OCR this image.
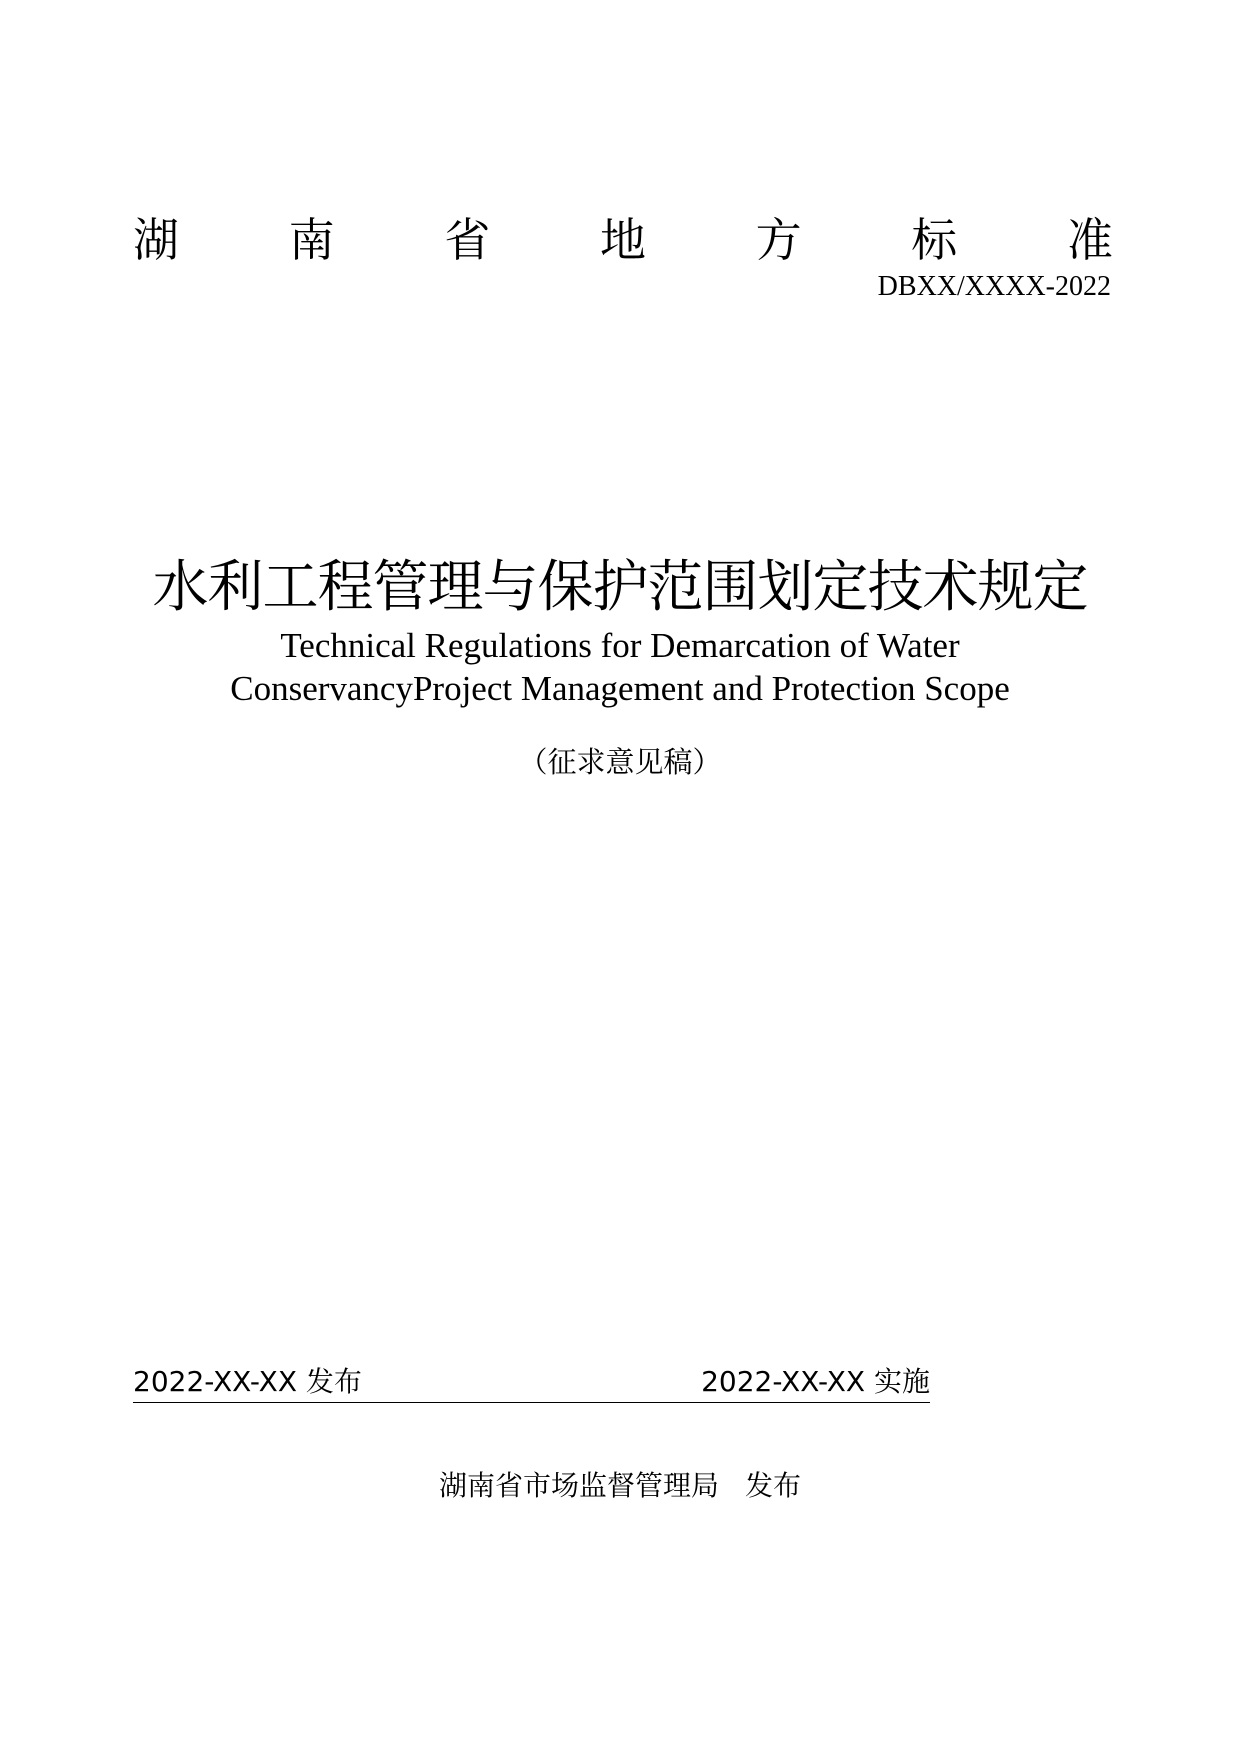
湖 南 省 地 方 标 准
DBXX/XXXX-2022
水利工程管理与保护范围划定技术规定
Technical Regulations for Demarcation of Water
ConservancyProject Management and Protection Scope
（征求意见稿）
2022-XX-XX 发布	2022-XX-XX 实施
湖南省市场监督管理局 发布
